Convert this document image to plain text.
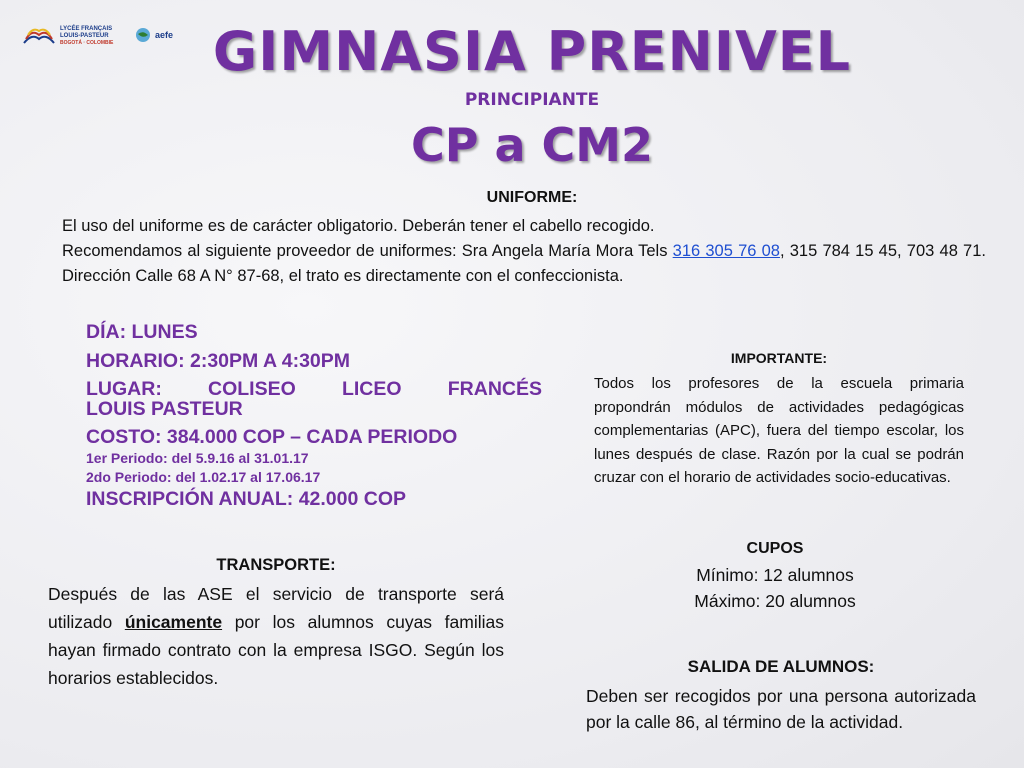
LYCÉE FRANÇAIS
LOUIS-PASTEUR
BOGOTÁ · COLOMBIE
aefe GIMNASIA PRENIVEL
PRINCIPIANTE
CP a CM2
UNIFORME:

El uso del uniforme es de carácter obligatorio. Deberán tener el cabello recogido.

Recomendamos al siguiente proveedor de uniformes: Sra Angela María Mora Tels 316 305 76 08, 315 784 15 45, 703 48 71. Dirección Calle 68 A N° 87-68, el trato es directamente con el confeccionista.

DÍA: LUNES

HORARIO: 2:30PM A 4:30PM

LUGAR: COLISEO LICEO FRANCÉS

LOUIS PASTEUR

COSTO: 384.000 COP – CADA PERIODO

1er Periodo: del 5.9.16 al 31.01.17

2do Periodo: del 1.02.17 al 17.06.17

INSCRIPCIÓN ANUAL: 42.000 COP

IMPORTANTE:

Todos los profesores de la escuela primaria propondrán módulos de actividades pedagógicas complementarias (APC), fuera del tiempo escolar, los lunes después de clase. Razón por la cual se podrán cruzar con el horario de actividades socio-educativas.

CUPOS
Mínimo: 12 alumnos
Máximo: 20 alumnos
TRANSPORTE:

Después de las ASE el servicio de transporte será utilizado únicamente por los alumnos cuyas familias hayan firmado contrato con la empresa ISGO. Según los horarios establecidos.

SALIDA DE ALUMNOS:

Deben ser recogidos por una persona autorizada por la calle 86, al término de la actividad.
